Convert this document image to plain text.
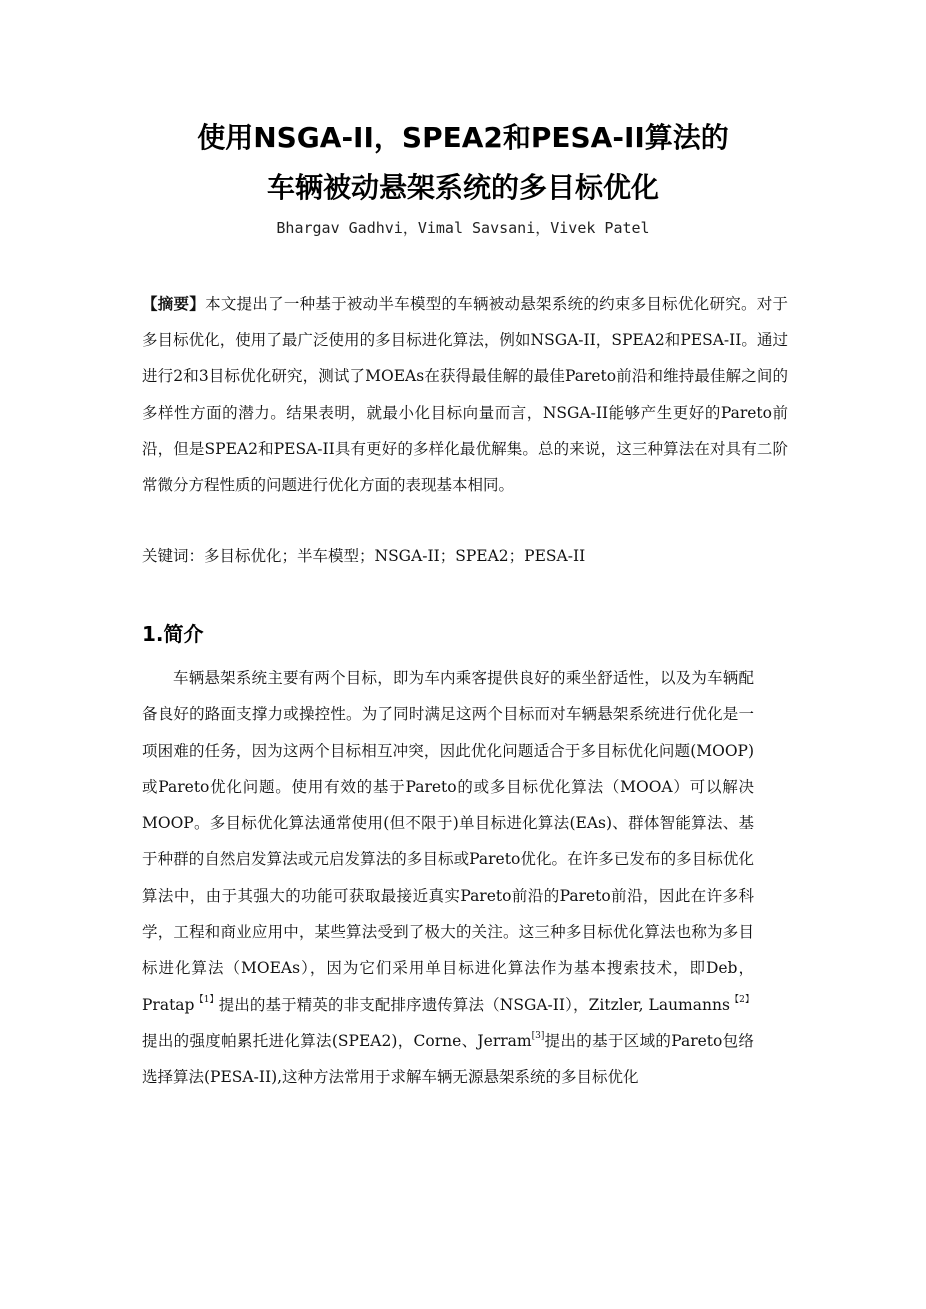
使用NSGA-II，SPEA2和PESA-II算法的
车辆被动悬架系统的多目标优化
Bhargav Gadhvi，Vimal Savsani，Vivek Patel
【摘要】本文提出了一种基于被动半车模型的车辆被动悬架系统的约束多目标优化研究。对于多目标优化，使用了最广泛使用的多目标进化算法，例如NSGA-II，SPEA2和PESA-II。通过进行2和3目标优化研究，测试了MOEAs在获得最佳解的最佳Pareto前沿和维持最佳解之间的多样性方面的潜力。结果表明，就最小化目标向量而言，NSGA-II能够产生更好的Pareto前沿，但是SPEA2和PESA-II具有更好的多样化最优解集。总的来说，这三种算法在对具有二阶常微分方程性质的问题进行优化方面的表现基本相同。
关键词：多目标优化；半车模型；NSGA-II；SPEA2；PESA-II
1.简介
车辆悬架系统主要有两个目标，即为车内乘客提供良好的乘坐舒适性，以及为车辆配备良好的路面支撑力或操控性。为了同时满足这两个目标而对车辆悬架系统进行优化是一项困难的任务，因为这两个目标相互冲突，因此优化问题适合于多目标优化问题(MOOP)或Pareto优化问题。使用有效的基于Pareto的或多目标优化算法（MOOA）可以解决MOOP。多目标优化算法通常使用(但不限于)单目标进化算法(EAs)、群体智能算法、基于种群的自然启发算法或元启发算法的多目标或Pareto优化。在许多已发布的多目标优化算法中，由于其强大的功能可获取最接近真实Pareto前沿的Pareto前沿，因此在许多科学，工程和商业应用中，某些算法受到了极大的关注。这三种多目标优化算法也称为多目标进化算法（MOEAs），因为它们采用单目标进化算法作为基本搜索技术，即Deb， Pratap$^{【1】}$提出的基于精英的非支配排序遗传算法（NSGA-II），Zitzler, Laumanns$^{【2】}$提出的强度帕累托进化算法(SPEA2)，Corne、Jerram[3]提出的基于区域的Pareto包络选择算法(PESA-II),这种方法常用于求解车辆无源悬架系统的多目标优化
